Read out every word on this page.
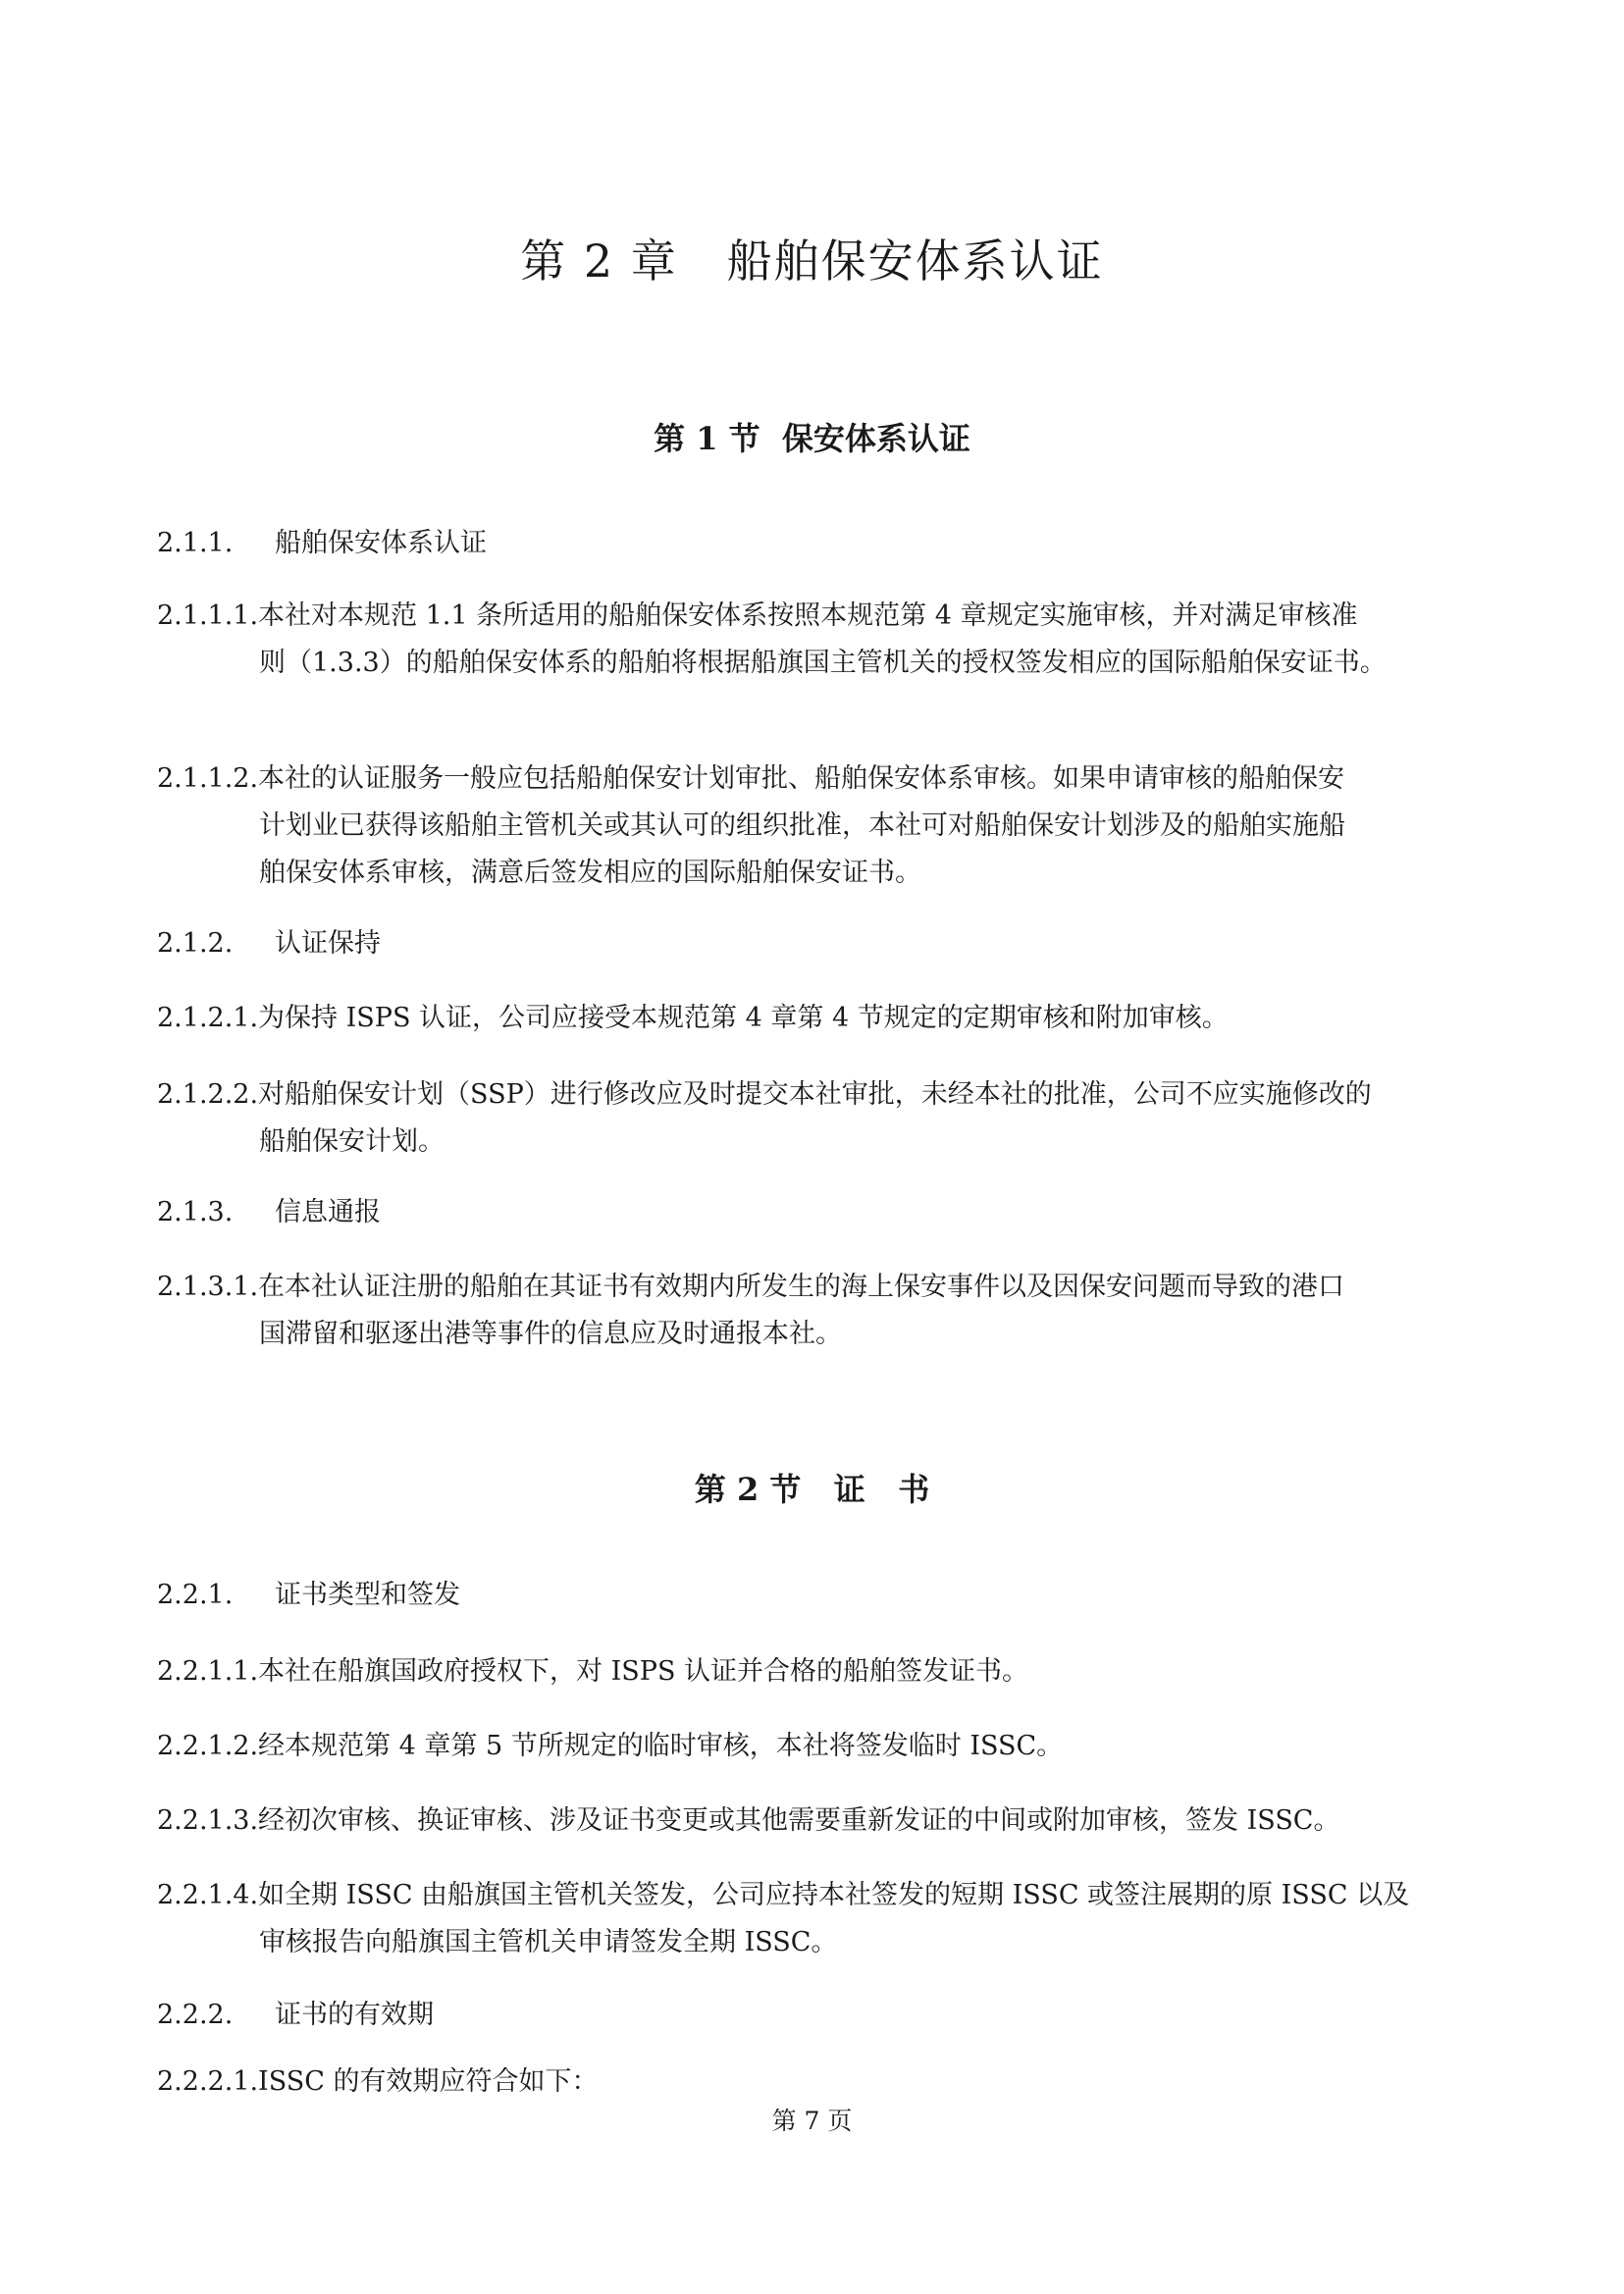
第 2 章   船舶保安体系认证
第 1 节  保安体系认证
2.1.1. 船舶保安体系认证
2.1.1.1.本社对本规范 1.1 条所适用的船舶保安体系按照本规范第 4 章规定实施审核，并对满足审核准
则（1.3.3）的船舶保安体系的船舶将根据船旗国主管机关的授权签发相应的国际船舶保安证书。
2.1.1.2.本社的认证服务一般应包括船舶保安计划审批、船舶保安体系审核。如果申请审核的船舶保安
计划业已获得该船舶主管机关或其认可的组织批准，本社可对船舶保安计划涉及的船舶实施船
舶保安体系审核，满意后签发相应的国际船舶保安证书。
2.1.2. 认证保持
2.1.2.1.为保持 ISPS 认证，公司应接受本规范第 4 章第 4 节规定的定期审核和附加审核。
2.1.2.2.对船舶保安计划（SSP）进行修改应及时提交本社审批，未经本社的批准，公司不应实施修改的
船舶保安计划。
2.1.3. 信息通报
2.1.3.1.在本社认证注册的船舶在其证书有效期内所发生的海上保安事件以及因保安问题而导致的港口
国滞留和驱逐出港等事件的信息应及时通报本社。
第 2 节   证   书
2.2.1. 证书类型和签发
2.2.1.1.本社在船旗国政府授权下，对 ISPS 认证并合格的船舶签发证书。
2.2.1.2.经本规范第 4 章第 5 节所规定的临时审核，本社将签发临时 ISSC。
2.2.1.3.经初次审核、换证审核、涉及证书变更或其他需要重新发证的中间或附加审核，签发 ISSC。
2.2.1.4.如全期 ISSC 由船旗国主管机关签发，公司应持本社签发的短期 ISSC 或签注展期的原 ISSC 以及
审核报告向船旗国主管机关申请签发全期 ISSC。
2.2.2. 证书的有效期
2.2.2.1.ISSC 的有效期应符合如下：
第 7 页
